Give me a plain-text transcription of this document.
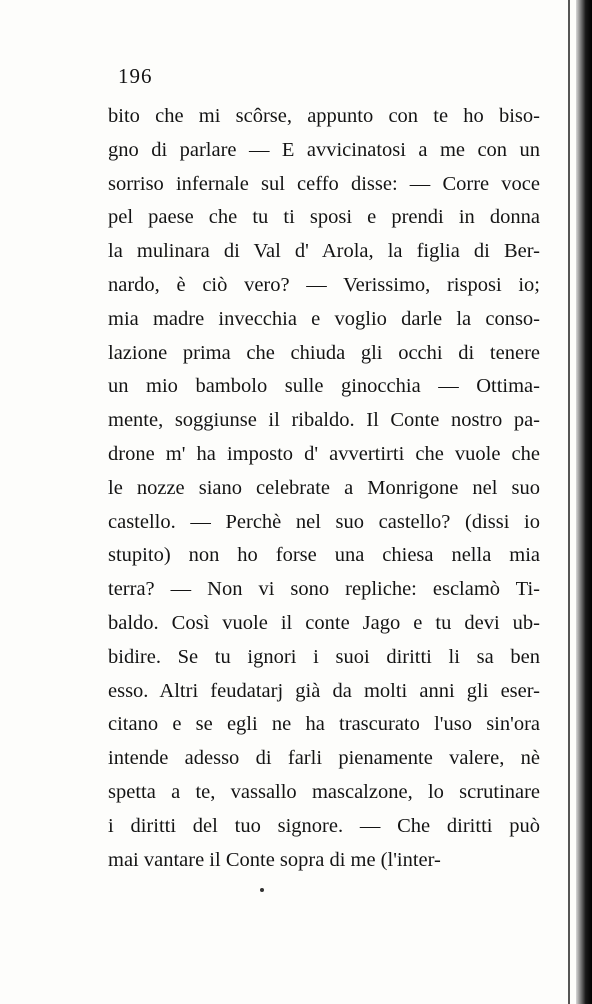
196
bito che mi scôrse, appunto con te ho biso-
gno di parlare — E avvicinatosi a me con un
sorriso infernale sul ceffo disse: — Corre voce
pel paese che tu ti sposi e prendi in donna
la mulinara di Val d' Arola, la figlia di Ber-
nardo, è ciò vero? — Verissimo, risposi io;
mia madre invecchia e voglio darle la conso-
lazione prima che chiuda gli occhi di tenere
un mio bambolo sulle ginocchia — Ottima-
mente, soggiunse il ribaldo. Il Conte nostro pa-
drone m' ha imposto d' avvertirti che vuole che
le nozze siano celebrate a Monrigone nel suo
castello. — Perchè nel suo castello? (dissi io
stupito) non ho forse una chiesa nella mia
terra? — Non vi sono repliche: esclamò Ti-
baldo. Così vuole il conte Jago e tu devi ub-
bidire. Se tu ignori i suoi diritti li sa ben
esso. Altri feudatarj già da molti anni gli eser-
citano e se egli ne ha trascurato l'uso sin'ora
intende adesso di farli pienamente valere, nè
spetta a te, vassallo mascalzone, lo scrutinare
i diritti del tuo signore. — Che diritti può
mai vantare il Conte sopra di me (l'inter-
